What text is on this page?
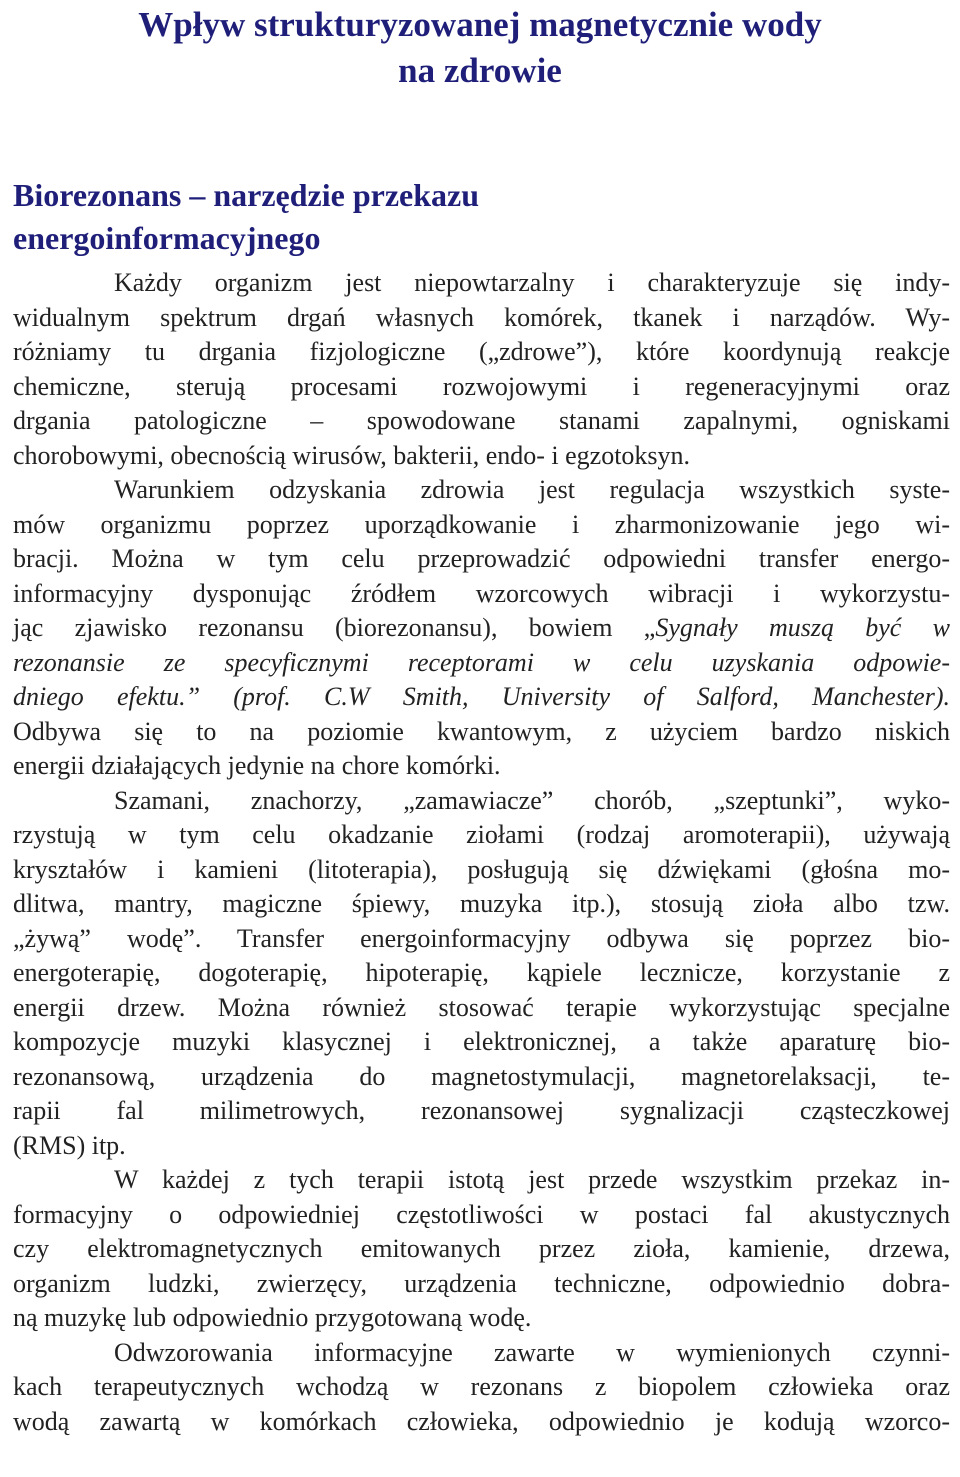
Wpływ strukturyzowanej magnetycznie wody
na zdrowie
Biorezonans – narzędzie przekazu
energoinformacyjnego
Każdy organizm jest niepowtarzalny i charakteryzuje się indy-
widualnym spektrum drgań własnych komórek, tkanek i narządów. Wy-
różniamy tu drgania fizjologiczne („zdrowe”), które koordynują reakcje
chemiczne, sterują procesami rozwojowymi i regeneracyjnymi oraz
drgania patologiczne – spowodowane stanami zapalnymi, ogniskami
chorobowymi, obecnością wirusów, bakterii, endo- i egzotoksyn.
Warunkiem odzyskania zdrowia jest regulacja wszystkich syste-
mów organizmu poprzez uporządkowanie i zharmonizowanie jego wi-
bracji. Można w tym celu przeprowadzić odpowiedni transfer energo-
informacyjny dysponując źródłem wzorcowych wibracji i wykorzystu-
jąc zjawisko rezonansu (biorezonansu), bowiem „Sygnały muszą być w
rezonansie ze specyficznymi receptorami w celu uzyskania odpowie-
dniego efektu.” (prof. C.W Smith, University of Salford, Manchester).
Odbywa się to na poziomie kwantowym, z użyciem bardzo niskich
energii działających jedynie na chore komórki.
Szamani, znachorzy, „zamawiacze” chorób, „szeptunki”, wyko-
rzystują w tym celu okadzanie ziołami (rodzaj aromoterapii), używają
kryształów i kamieni (litoterapia), posługują się dźwiękami (głośna mo-
dlitwa, mantry, magiczne śpiewy, muzyka itp.), stosują zioła albo tzw.
„żywą” wodę”. Transfer energoinformacyjny odbywa się poprzez bio-
energoterapię, dogoterapię, hipoterapię, kąpiele lecznicze, korzystanie z
energii drzew. Można również stosować terapie wykorzystując specjalne
kompozycje muzyki klasycznej i elektronicznej, a także aparaturę bio-
rezonansową, urządzenia do magnetostymulacji, magnetorelaksacji, te-
rapii fal milimetrowych, rezonansowej sygnalizacji cząsteczkowej
(RMS) itp.
W każdej z tych terapii istotą jest przede wszystkim przekaz in-
formacyjny o odpowiedniej częstotliwości w postaci fal akustycznych
czy elektromagnetycznych emitowanych przez zioła, kamienie, drzewa,
organizm ludzki, zwierzęcy, urządzenia techniczne, odpowiednio dobra-
ną muzykę lub odpowiednio przygotowaną wodę.
Odwzorowania informacyjne zawarte w wymienionych czynni-
kach terapeutycznych wchodzą w rezonans z biopolem człowieka oraz
wodą zawartą w komórkach człowieka, odpowiednio je kodują wzorco-
